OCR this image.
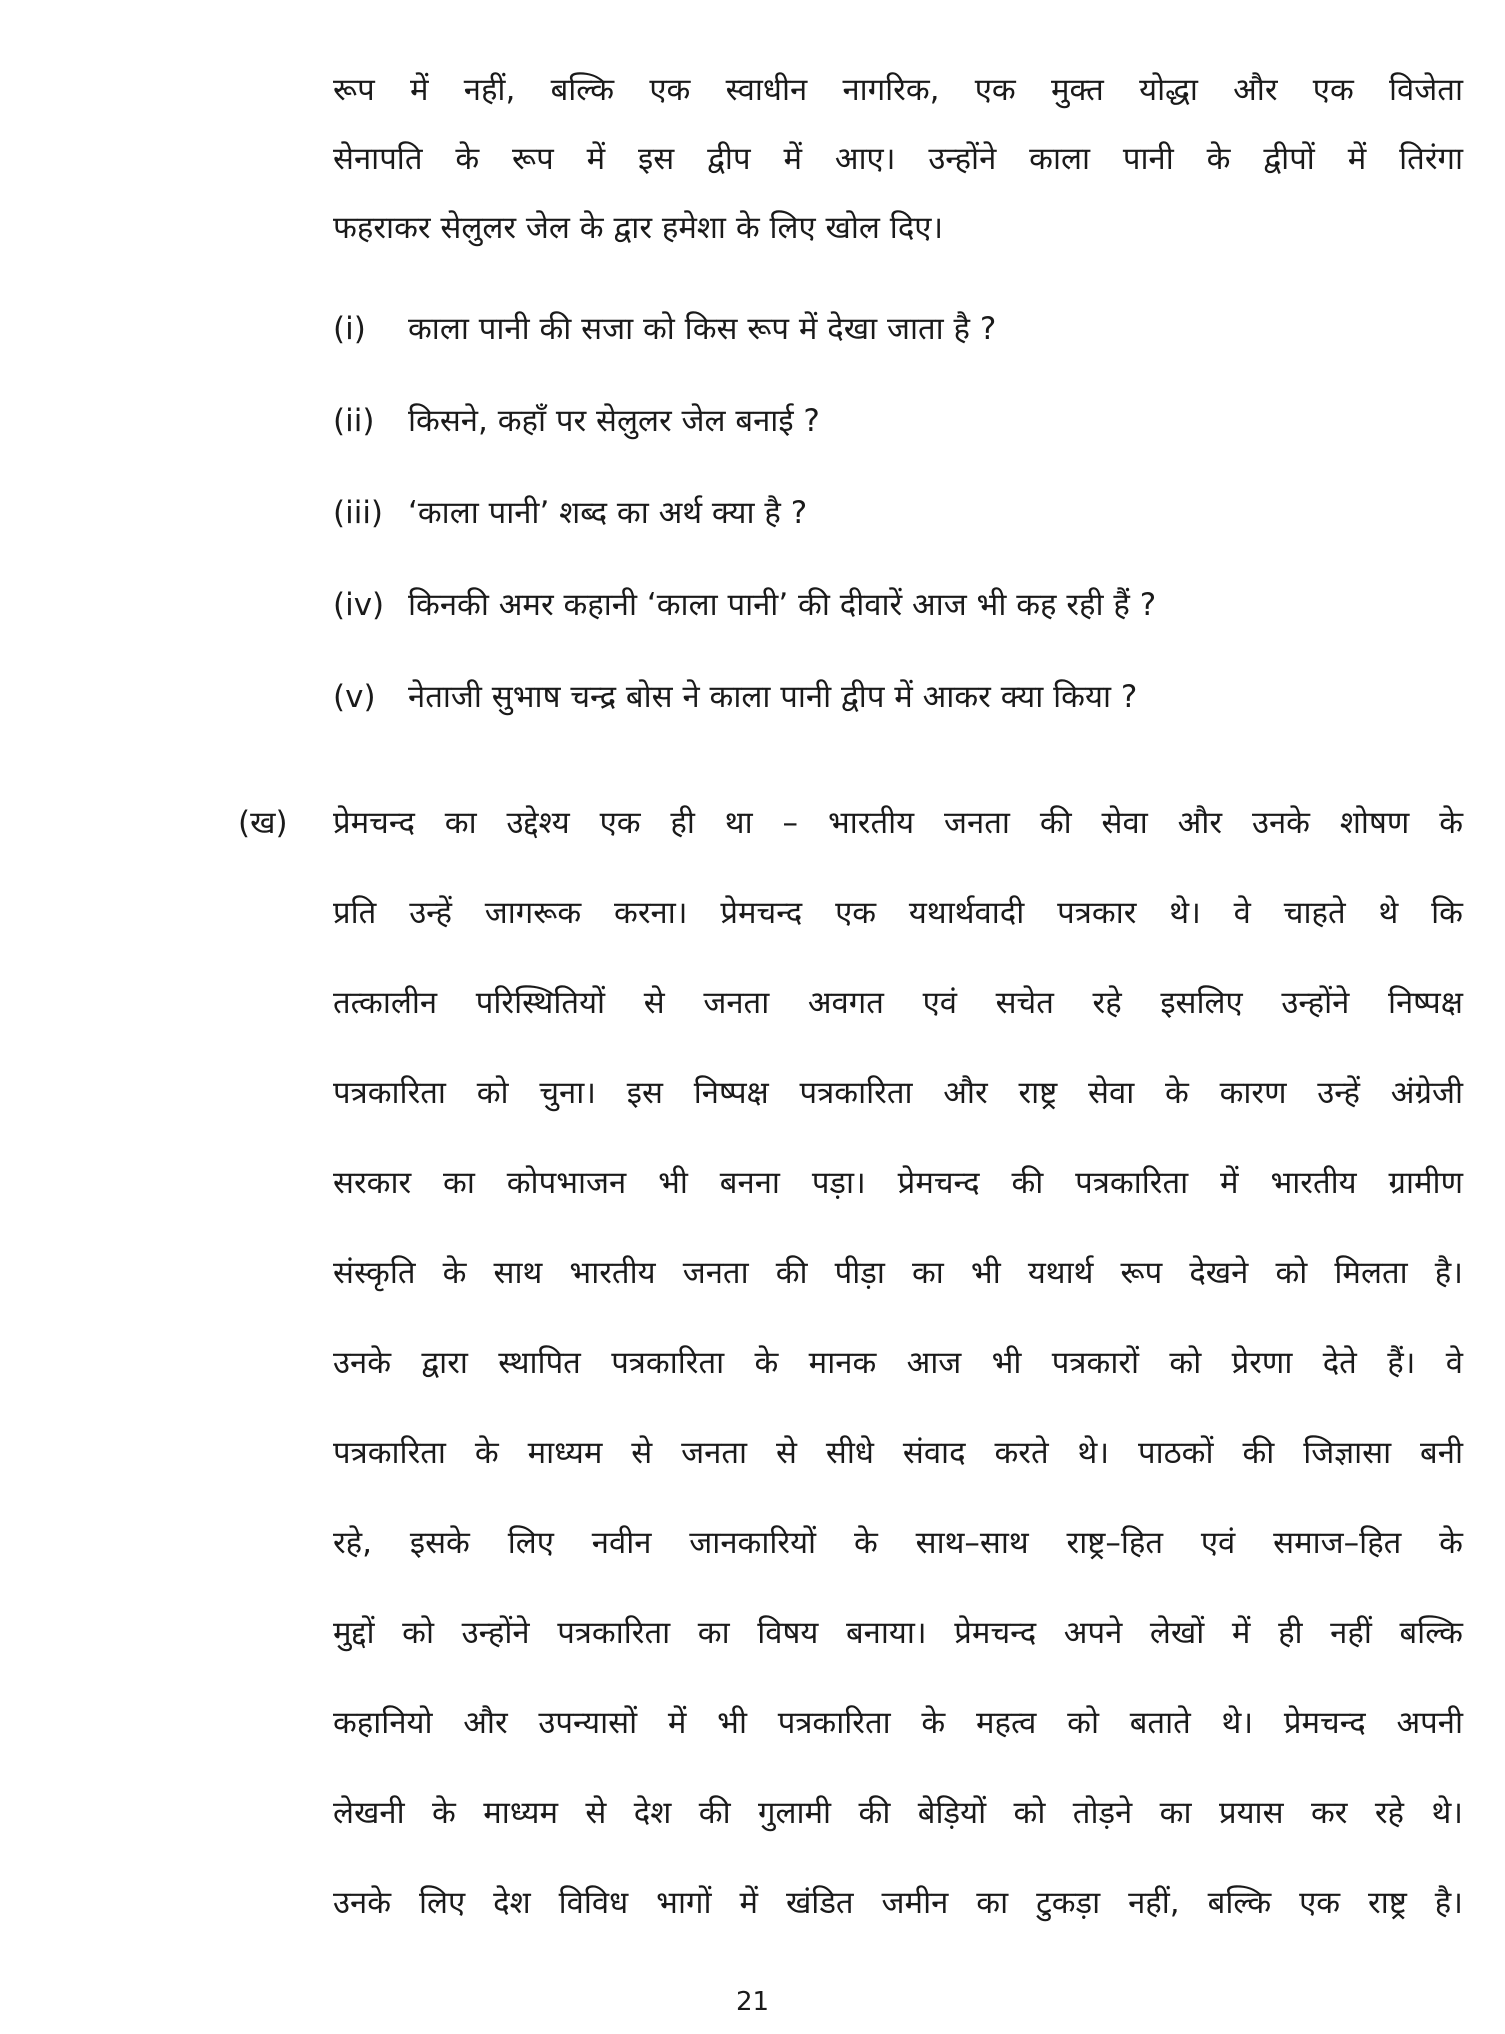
रूप में नहीं, बल्कि एक स्वाधीन नागरिक, एक मुक्त योद्धा और एक विजेता
सेनापति के रूप में इस द्वीप में आए। उन्होंने काला पानी के द्वीपों में तिरंगा
फहराकर सेलुलर जेल के द्वार हमेशा के लिए खोल दिए।
(i) काला पानी की सजा को किस रूप में देखा जाता है ?
(ii) किसने, कहाँ पर सेलुलर जेल बनाई ?
(iii) ‘काला पानी’ शब्द का अर्थ क्या है ?
(iv) किनकी अमर कहानी ‘काला पानी’ की दीवारें आज भी कह रही हैं ?
(v) नेताजी सुभाष चन्द्र बोस ने काला पानी द्वीप में आकर क्या किया ?
(ख) प्रेमचन्द का उद्देश्य एक ही था – भारतीय जनता की सेवा और उनके शोषण के
प्रति उन्हें जागरूक करना। प्रेमचन्द एक यथार्थवादी पत्रकार थे। वे चाहते थे कि
तत्कालीन परिस्थितियों से जनता अवगत एवं सचेत रहे इसलिए उन्होंने निष्पक्ष
पत्रकारिता को चुना। इस निष्पक्ष पत्रकारिता और राष्ट्र सेवा के कारण उन्हें अंग्रेजी
सरकार का कोपभाजन भी बनना पड़ा। प्रेमचन्द की पत्रकारिता में भारतीय ग्रामीण
संस्कृति के साथ भारतीय जनता की पीड़ा का भी यथार्थ रूप देखने को मिलता है।
उनके द्वारा स्थापित पत्रकारिता के मानक आज भी पत्रकारों को प्रेरणा देते हैं। वे
पत्रकारिता के माध्यम से जनता से सीधे संवाद करते थे। पाठकों की जिज्ञासा बनी
रहे, इसके लिए नवीन जानकारियों के साथ–साथ राष्ट्र–हित एवं समाज–हित के
मुद्दों को उन्होंने पत्रकारिता का विषय बनाया। प्रेमचन्द अपने लेखों में ही नहीं बल्कि
कहानियो और उपन्यासों में भी पत्रकारिता के महत्व को बताते थे। प्रेमचन्द अपनी
लेखनी के माध्यम से देश की गुलामी की बेड़ियों को तोड़ने का प्रयास कर रहे थे।
उनके लिए देश विविध भागों में खंडित जमीन का टुकड़ा नहीं, बल्कि एक राष्ट्र है।
21
